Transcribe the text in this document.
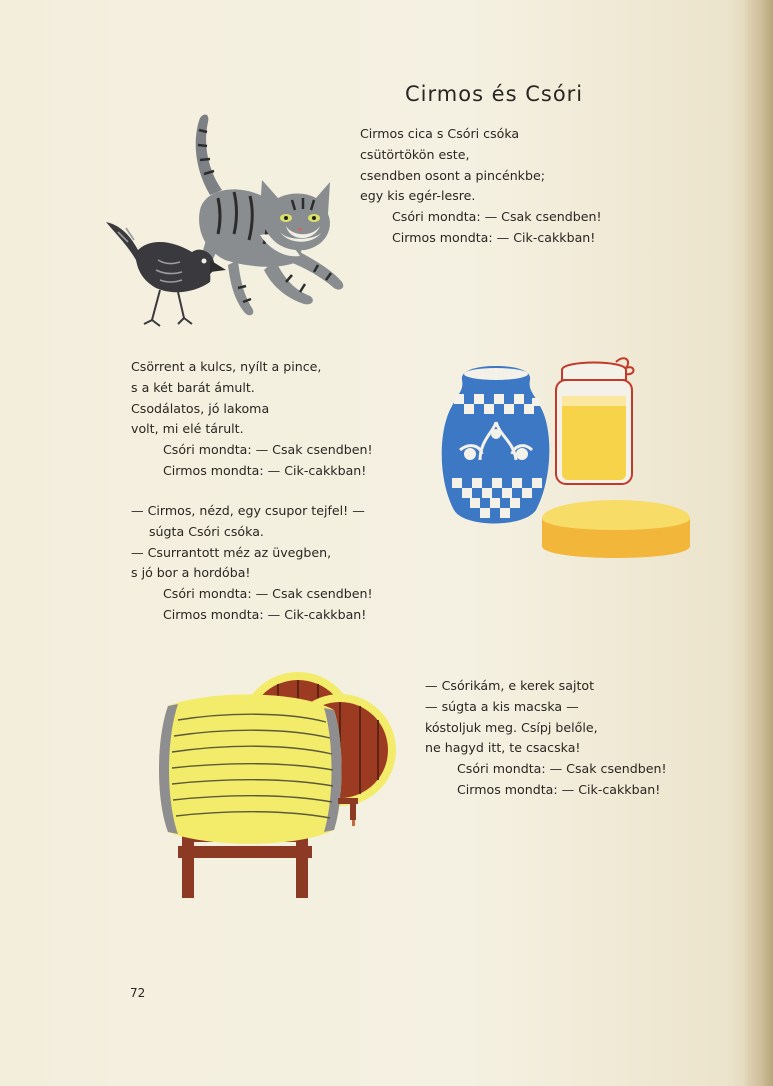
Cirmos és Csóri
Cirmos cica s Csóri csóka
csütörtökön este,
csendben osont a pincénkbe;
egy kis egér-lesre.
Csóri mondta: — Csak csendben!
Cirmos mondta: — Cik-cakkban!
Csörrent a kulcs, nyílt a pince,
s a két barát ámult.
Csodálatos, jó lakoma
volt, mi elé tárult.
Csóri mondta: — Csak csendben!
Cirmos mondta: — Cik-cakkban!
— Cirmos, nézd, egy csupor tejfel! —
súgta Csóri csóka.
— Csurrantott méz az üvegben,
s jó bor a hordóba!
Csóri mondta: — Csak csendben!
Cirmos mondta: — Cik-cakkban!
— Csórikám, e kerek sajtot
— súgta a kis macska —
kóstoljuk meg. Csípj belőle,
ne hagyd itt, te csacska!
Csóri mondta: — Csak csendben!
Cirmos mondta: — Cik-cakkban!
72
